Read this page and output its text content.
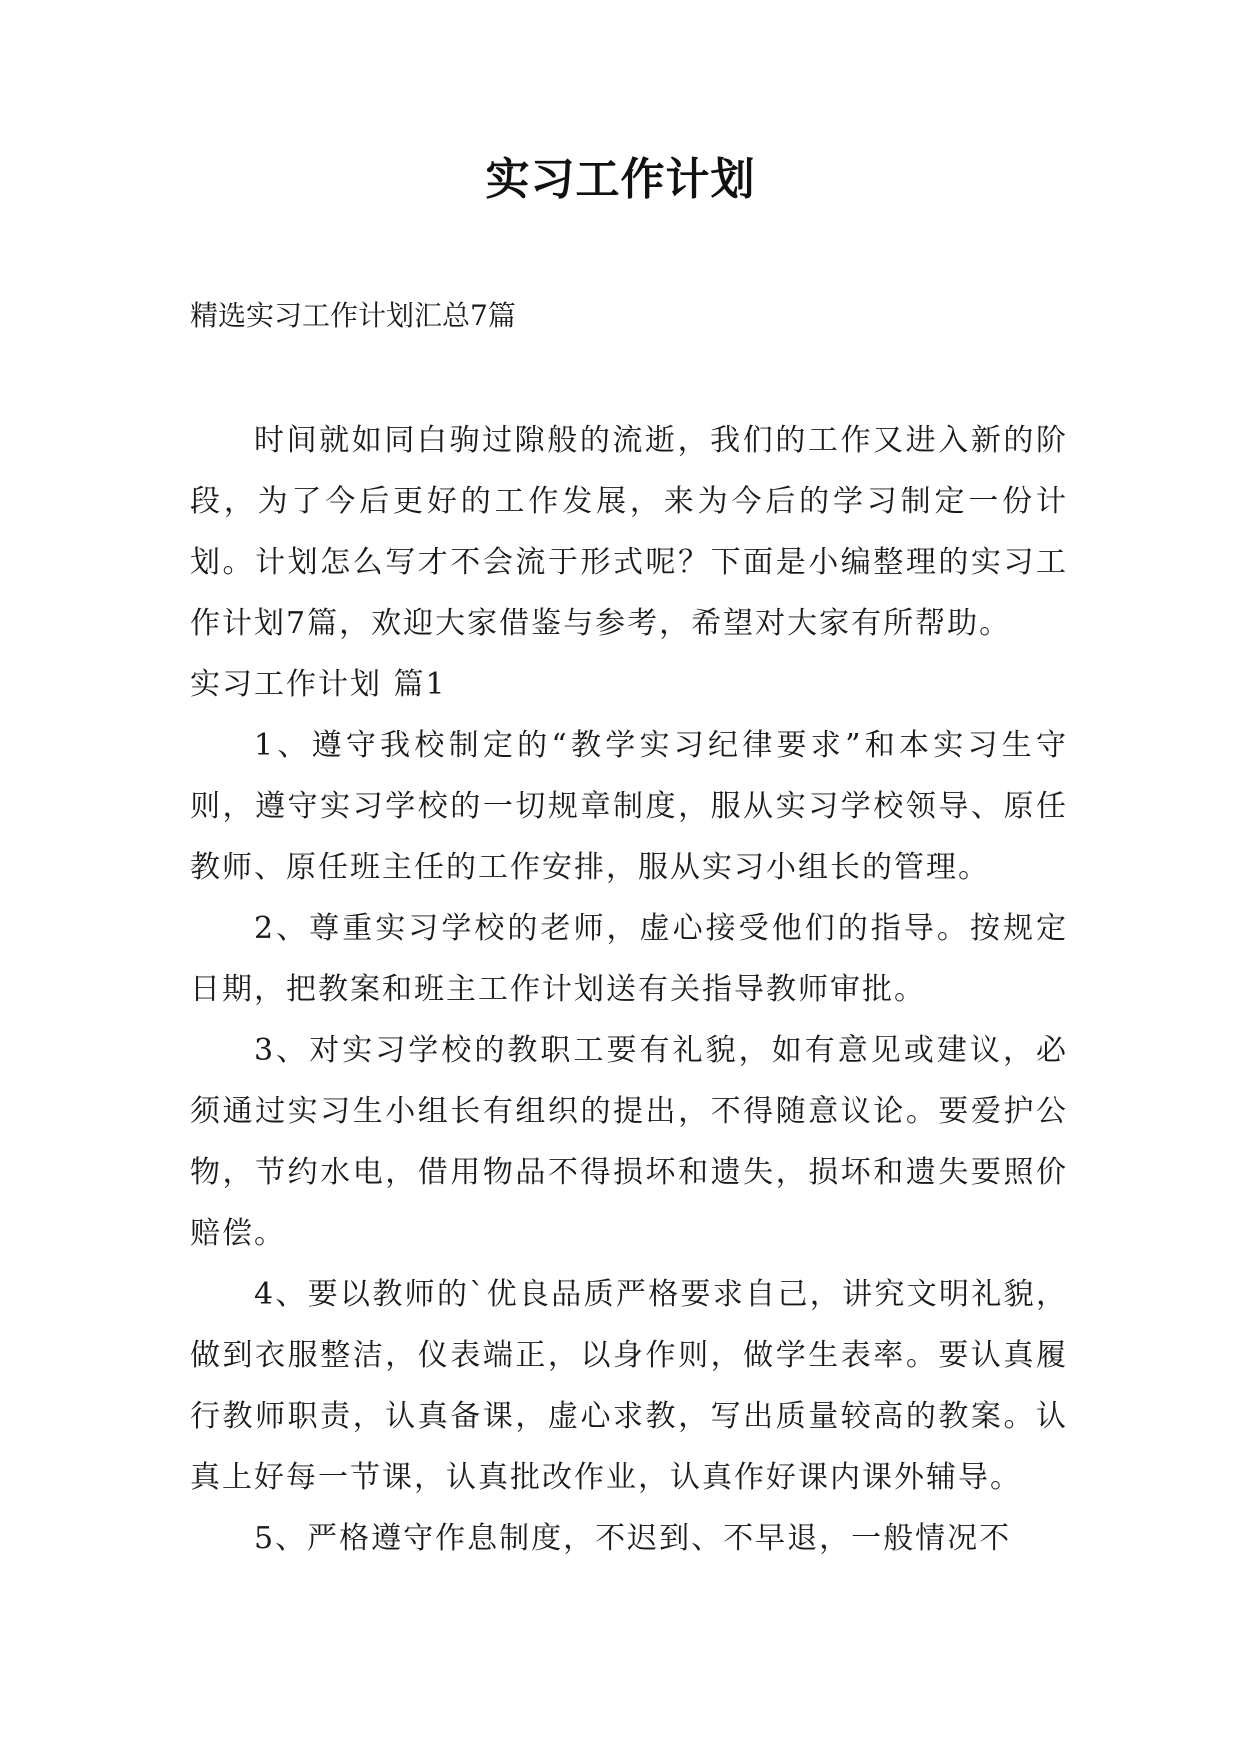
实习工作计划

精选实习工作计划汇总7篇

时间就如同白驹过隙般的流逝，我们的工作又进入新的阶段，为了今后更好的工作发展，来为今后的学习制定一份计划。计划怎么写才不会流于形式呢？下面是小编整理的实习工作计划7篇，欢迎大家借鉴与参考，希望对大家有所帮助。

实习工作计划 篇1

1、遵守我校制定的“教学实习纪律要求”和本实习生守则，遵守实习学校的一切规章制度，服从实习学校领导、原任教师、原任班主任的工作安排，服从实习小组长的管理。

2、尊重实习学校的老师，虚心接受他们的指导。按规定日期，把教案和班主工作计划送有关指导教师审批。

3、对实习学校的教职工要有礼貌，如有意见或建议，必须通过实习生小组长有组织的提出，不得随意议论。要爱护公物，节约水电，借用物品不得损坏和遗失，损坏和遗失要照价赔偿。

4、要以教师的`优良品质严格要求自己，讲究文明礼貌，做到衣服整洁，仪表端正，以身作则，做学生表率。要认真履行教师职责，认真备课，虚心求教，写出质量较高的教案。认真上好每一节课，认真批改作业，认真作好课内课外辅导。

5、严格遵守作息制度，不迟到、不早退，一般情况不
